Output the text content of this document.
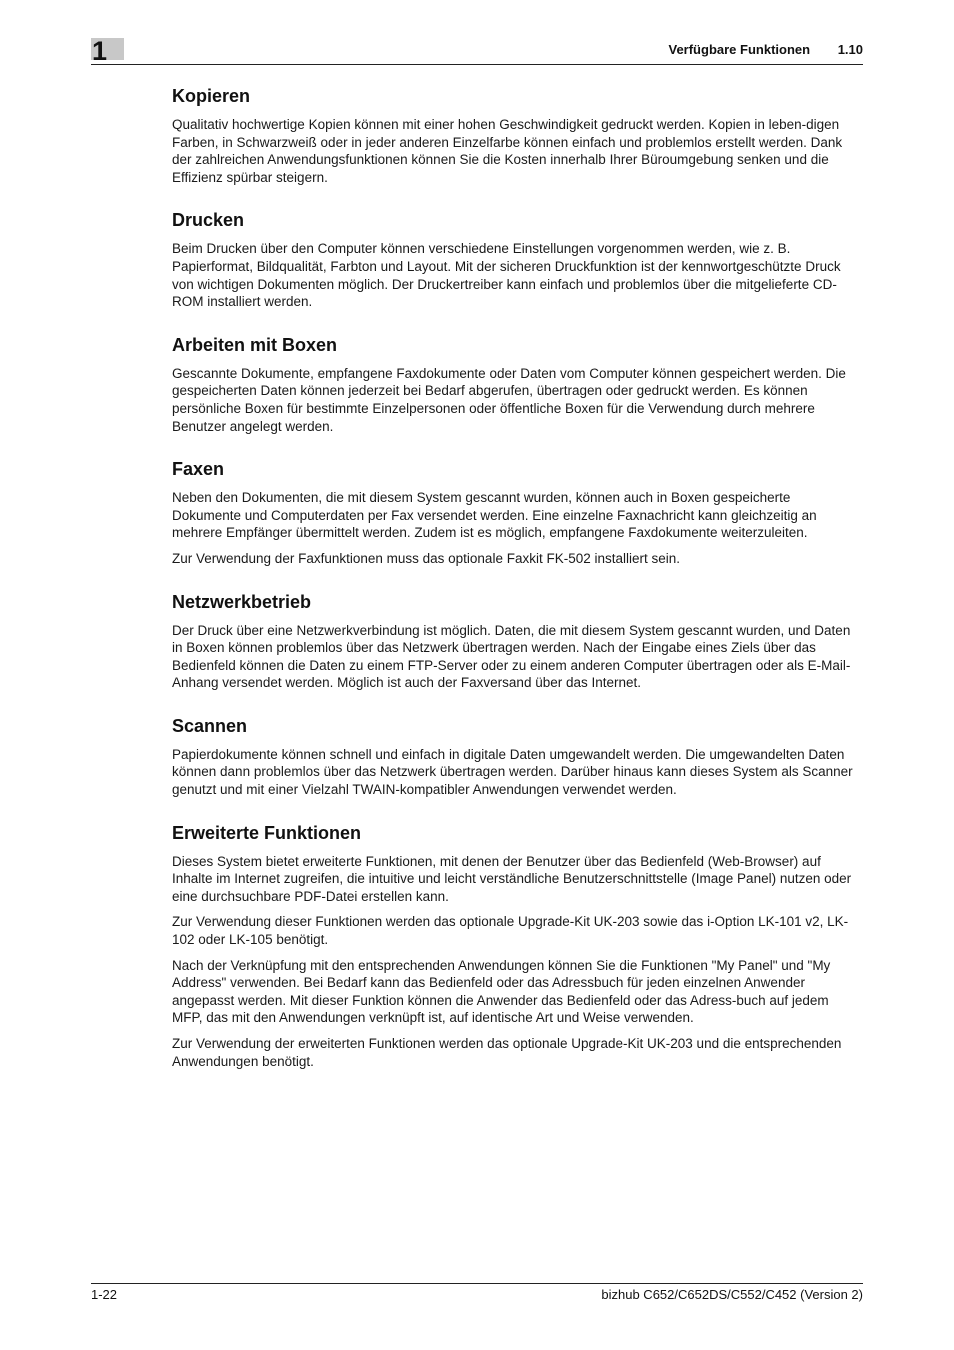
1	Verfügbare Funktionen 1.10
Kopieren

Qualitativ hochwertige Kopien können mit einer hohen Geschwindigkeit gedruckt werden. Kopien in leben-digen Farben, in Schwarzweiß oder in jeder anderen Einzelfarbe können einfach und problemlos erstellt werden. Dank der zahlreichen Anwendungsfunktionen können Sie die Kosten innerhalb Ihrer Büroumgebung senken und die Effizienz spürbar steigern.

Drucken

Beim Drucken über den Computer können verschiedene Einstellungen vorgenommen werden, wie z. B. Papierformat, Bildqualität, Farbton und Layout. Mit der sicheren Druckfunktion ist der kennwortgeschützte Druck von wichtigen Dokumenten möglich. Der Druckertreiber kann einfach und problemlos über die mitgelieferte CD-ROM installiert werden.

Arbeiten mit Boxen

Gescannte Dokumente, empfangene Faxdokumente oder Daten vom Computer können gespeichert werden. Die gespeicherten Daten können jederzeit bei Bedarf abgerufen, übertragen oder gedruckt werden. Es können persönliche Boxen für bestimmte Einzelpersonen oder öffentliche Boxen für die Verwendung durch mehrere Benutzer angelegt werden.

Faxen

Neben den Dokumenten, die mit diesem System gescannt wurden, können auch in Boxen gespeicherte Dokumente und Computerdaten per Fax versendet werden. Eine einzelne Faxnachricht kann gleichzeitig an mehrere Empfänger übermittelt werden. Zudem ist es möglich, empfangene Faxdokumente weiterzuleiten.

Zur Verwendung der Faxfunktionen muss das optionale Faxkit FK-502 installiert sein.

Netzwerkbetrieb

Der Druck über eine Netzwerkverbindung ist möglich. Daten, die mit diesem System gescannt wurden, und Daten in Boxen können problemlos über das Netzwerk übertragen werden. Nach der Eingabe eines Ziels über das Bedienfeld können die Daten zu einem FTP-Server oder zu einem anderen Computer übertragen oder als E-Mail-Anhang versendet werden. Möglich ist auch der Faxversand über das Internet.

Scannen

Papierdokumente können schnell und einfach in digitale Daten umgewandelt werden. Die umgewandelten Daten können dann problemlos über das Netzwerk übertragen werden. Darüber hinaus kann dieses System als Scanner genutzt und mit einer Vielzahl TWAIN-kompatibler Anwendungen verwendet werden.

Erweiterte Funktionen

Dieses System bietet erweiterte Funktionen, mit denen der Benutzer über das Bedienfeld (Web-Browser) auf Inhalte im Internet zugreifen, die intuitive und leicht verständliche Benutzerschnittstelle (Image Panel) nutzen oder eine durchsuchbare PDF-Datei erstellen kann.

Zur Verwendung dieser Funktionen werden das optionale Upgrade-Kit UK-203 sowie das i-Option LK-101 v2, LK-102 oder LK-105 benötigt.

Nach der Verknüpfung mit den entsprechenden Anwendungen können Sie die Funktionen "My Panel" und "My Address" verwenden. Bei Bedarf kann das Bedienfeld oder das Adressbuch für jeden einzelnen Anwender angepasst werden. Mit dieser Funktion können die Anwender das Bedienfeld oder das Adress-buch auf jedem MFP, das mit den Anwendungen verknüpft ist, auf identische Art und Weise verwenden.

Zur Verwendung der erweiterten Funktionen werden das optionale Upgrade-Kit UK-203 und die entsprechenden Anwendungen benötigt.

1-22	bizhub C652/C652DS/C552/C452 (Version 2)
